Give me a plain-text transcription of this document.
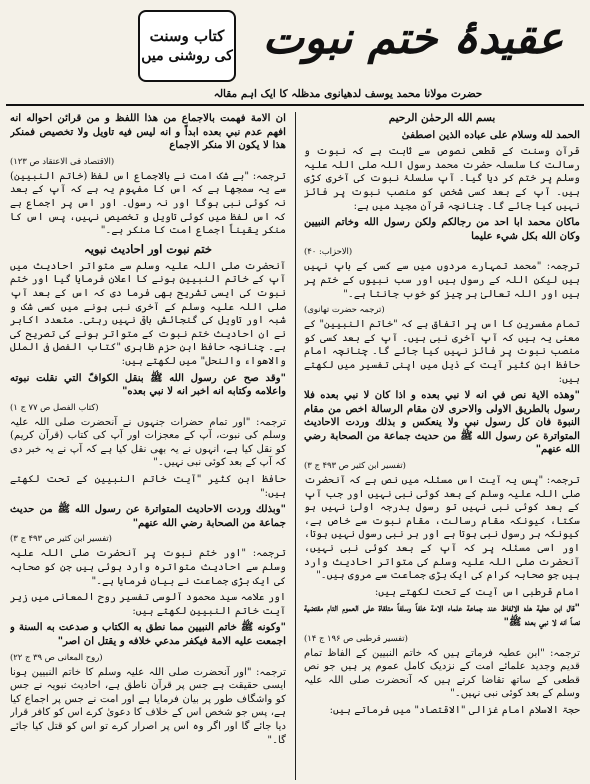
کتاب وسنت
کی روشنی میں عقیدۂ ختم نبوت
حضرت مولانا محمد یوسف لدھیانوی مدظلہ کا ایک اہم مقالہ
بسم الله الرحمٰن الرحیم
الحمد لله وسلام علی عباده الذین اصطفیٰ
قرآن وسنت کے قطعی نصوص سے ثابت ہے کہ نبوت و رسالت کا سلسلہ حضرت محمد رسول اللہ صلی اللہ علیہ وسلم پر ختم کر دیا گیا۔ آپ سلسلۂ نبوت کی آخری کڑی ہیں۔ آپ کے بعد کسی شخص کو منصب نبوت پر فائز نہیں کیا جائے گا۔ چنانچہ قرآن مجید میں ہے:
ماكان محمد ابا احد من رجالكم ولكن رسول الله وخاتم النبيين وكان الله بكل شيء عليما
(الاحزاب: ۴۰)
ترجمہ: "محمد تمہارے مردوں میں سے کسی کے باپ نہیں ہیں لیکن اللہ کے رسول ہیں اور سب نبیوں کے ختم پر ہیں اور اللہ تعالیٰ ہر چیز کو خوب جانتا ہے۔"
(ترجمہ حضرت تھانوی)
تمام مفسرین کا اس پر اتفاق ہے کہ "خاتم النبیین" کے معنی یہ ہیں کہ آپ آخری نبی ہیں۔ آپ کے بعد کسی کو منصب نبوت پر فائز نہیں کیا جائے گا۔ چنانچہ امام حافظ ابن کثیر آیت کے ذیل میں اپنی تفسیر میں لکھتے ہیں:
"وهذه الاية نص في انه لا نبي بعده و اذا كان لا نبي بعده فلا رسول بالطريق الاولى والاحرى لان مقام الرسالة اخص من مقام النبوة فان كل رسول نبي ولا ينعكس و بذلك وردت الاحاديث المتواترة عن رسول الله ﷺ من حديث جماعة من الصحابة رضي الله عنهم"
(تفسیر ابن کثیر ص ۴۹۳ ج ۳)
ترجمہ: "پس یہ آیت اس مسئلہ میں نص ہے کہ آنحضرت صلی اللہ علیہ وسلم کے بعد کوئی نبی نہیں اور جب آپ کے بعد کوئی نبی نہیں تو رسول بدرجہ اولیٰ نہیں ہو سکتا، کیونکہ مقام رسالت، مقام نبوت سے خاص ہے، کیونکہ ہر رسول نبی ہوتا ہے اور ہر نبی رسول نہیں ہوتا، اور اسی مسئلہ پر کہ آپ کے بعد کوئی نبی نہیں، آنحضرت صلی اللہ علیہ وسلم کی متواتر احادیث وارد ہیں جو صحابہ کرام کی ایک بڑی جماعت سے مروی ہیں۔"
امام قرطبی اس آیت کے تحت لکھتے ہیں:
"قال ابن عطية هذه الالفاظ عند جماعة علماء الامة خلفاً وسلفاً متلقاة على العموم التام مقتضية نصاً انه لا نبي بعده ﷺ"
(تفسیر قرطبی ص ۱۹۶ ج ۱۴)
ترجمہ: "ابن عطیہ فرماتے ہیں کہ خاتم النبیین کے الفاظ تمام قدیم وجدید علمائے امت کے نزدیک کامل عموم پر ہیں جو نص قطعی کے ساتھ تقاضا کرتے ہیں کہ آنحضرت صلی اللہ علیہ وسلم کے بعد کوئی نبی نہیں۔"
حجۃ الاسلام امام غزالی "الاقتصاد" میں فرماتے ہیں:
ان الامة فهمت بالاجماع من هذا اللفظ و من قرائن احواله انه افهم عدم نبي بعده ابداً و انه ليس فيه تاويل ولا تخصيص فمنكر هذا لا يكون الا منكر الاجماع
(الاقتصاد فی الاعتقاد ص ۱۲۳)
ترجمہ: "بے شک امت نے بالاجماع اس لفظ (خاتم النبیین) سے یہ سمجھا ہے کہ اس کا مفہوم یہ ہے کہ آپ کے بعد نہ کوئی نبی ہوگا اور نہ رسول۔ اور اس پر اجماع ہے کہ اس لفظ میں کوئی تاویل و تخصیص نہیں، پس اس کا منکر یقیناً اجماع امت کا منکر ہے۔"
ختم نبوت اور احادیث نبویہ
آنحضرت صلی اللہ علیہ وسلم سے متواتر احادیث میں آپ کے خاتم النبیین ہونے کا اعلان فرمایا گیا اور ختم نبوت کی ایسی تشریح بھی فرما دی کہ اس کے بعد آپ صلی اللہ علیہ وسلم کے آخری نبی ہونے میں کسی شک و شبہ اور تاویل کی گنجائش باقی نہیں رہتی۔ متعدد اکابر نے ان احادیث ختم نبوت کے متواتر ہونے کی تصریح کی ہے۔ چنانچہ حافظ ابن حزم ظاہری "کتاب الفصل فی الملل والاهواء والنحل" میں لکھتے ہیں:
"وقد صح عن رسول الله ﷺ بنقل الكوافّ التي نقلت نبوته واعلامه وكتابه انه اخبر انه لا نبي بعده"
(کتاب الفصل ص ۷۷ ج ۱)
ترجمہ: "اور تمام حضرات جنہوں نے آنحضرت صلی اللہ علیہ وسلم کی نبوت، آپ کے معجزات اور آپ کی کتاب (قرآن کریم) کو نقل کیا ہے، انہوں نے یہ بھی نقل کیا ہے کہ آپ نے یہ خبر دی کہ آپ کے بعد کوئی نبی نہیں۔"
حافظ ابن کثیر "آیت خاتم النبیین کے تحت لکھتے ہیں:"
"وبذلك وردت الاحاديث المتواترة عن رسول الله ﷺ من حديث جماعة من الصحابة رضي الله عنهم"
(تفسیر ابن کثیر ص ۴۹۳ ج ۳)
ترجمہ: "اور ختم نبوت پر آنحضرت صلی اللہ علیہ وسلم سے احادیث متواترہ وارد ہوئی ہیں جن کو صحابہ کی ایک بڑی جماعت نے بیان فرمایا ہے۔"
اور علامہ سید محمود آلوسی تفسیر روح المعانی میں زیر آیت خاتم النبیین لکھتے ہیں:
"وكونه ﷺ خاتم النبيين مما نطق به الكتاب و صدعت به السنة و اجمعت عليه الامة فيكفر مدعي خلافه و يقتل ان اصر"
(روح المعانی ص ۳۹ ج ۲۲)
ترجمہ: "اور آنحضرت صلی اللہ علیہ وسلم کا خاتم النبیین ہونا ایسی حقیقت ہے جس پر قرآن ناطق ہے، احادیث نبویہ نے جس کو واشگاف طور پر بیان فرمایا ہے اور امت نے جس پر اجماع کیا ہے، پس جو شخص اس کے خلاف کا دعویٰ کرے اس کو کافر قرار دیا جائے گا اور اگر وہ اس پر اصرار کرے تو اس کو قتل کیا جائے گا۔"
